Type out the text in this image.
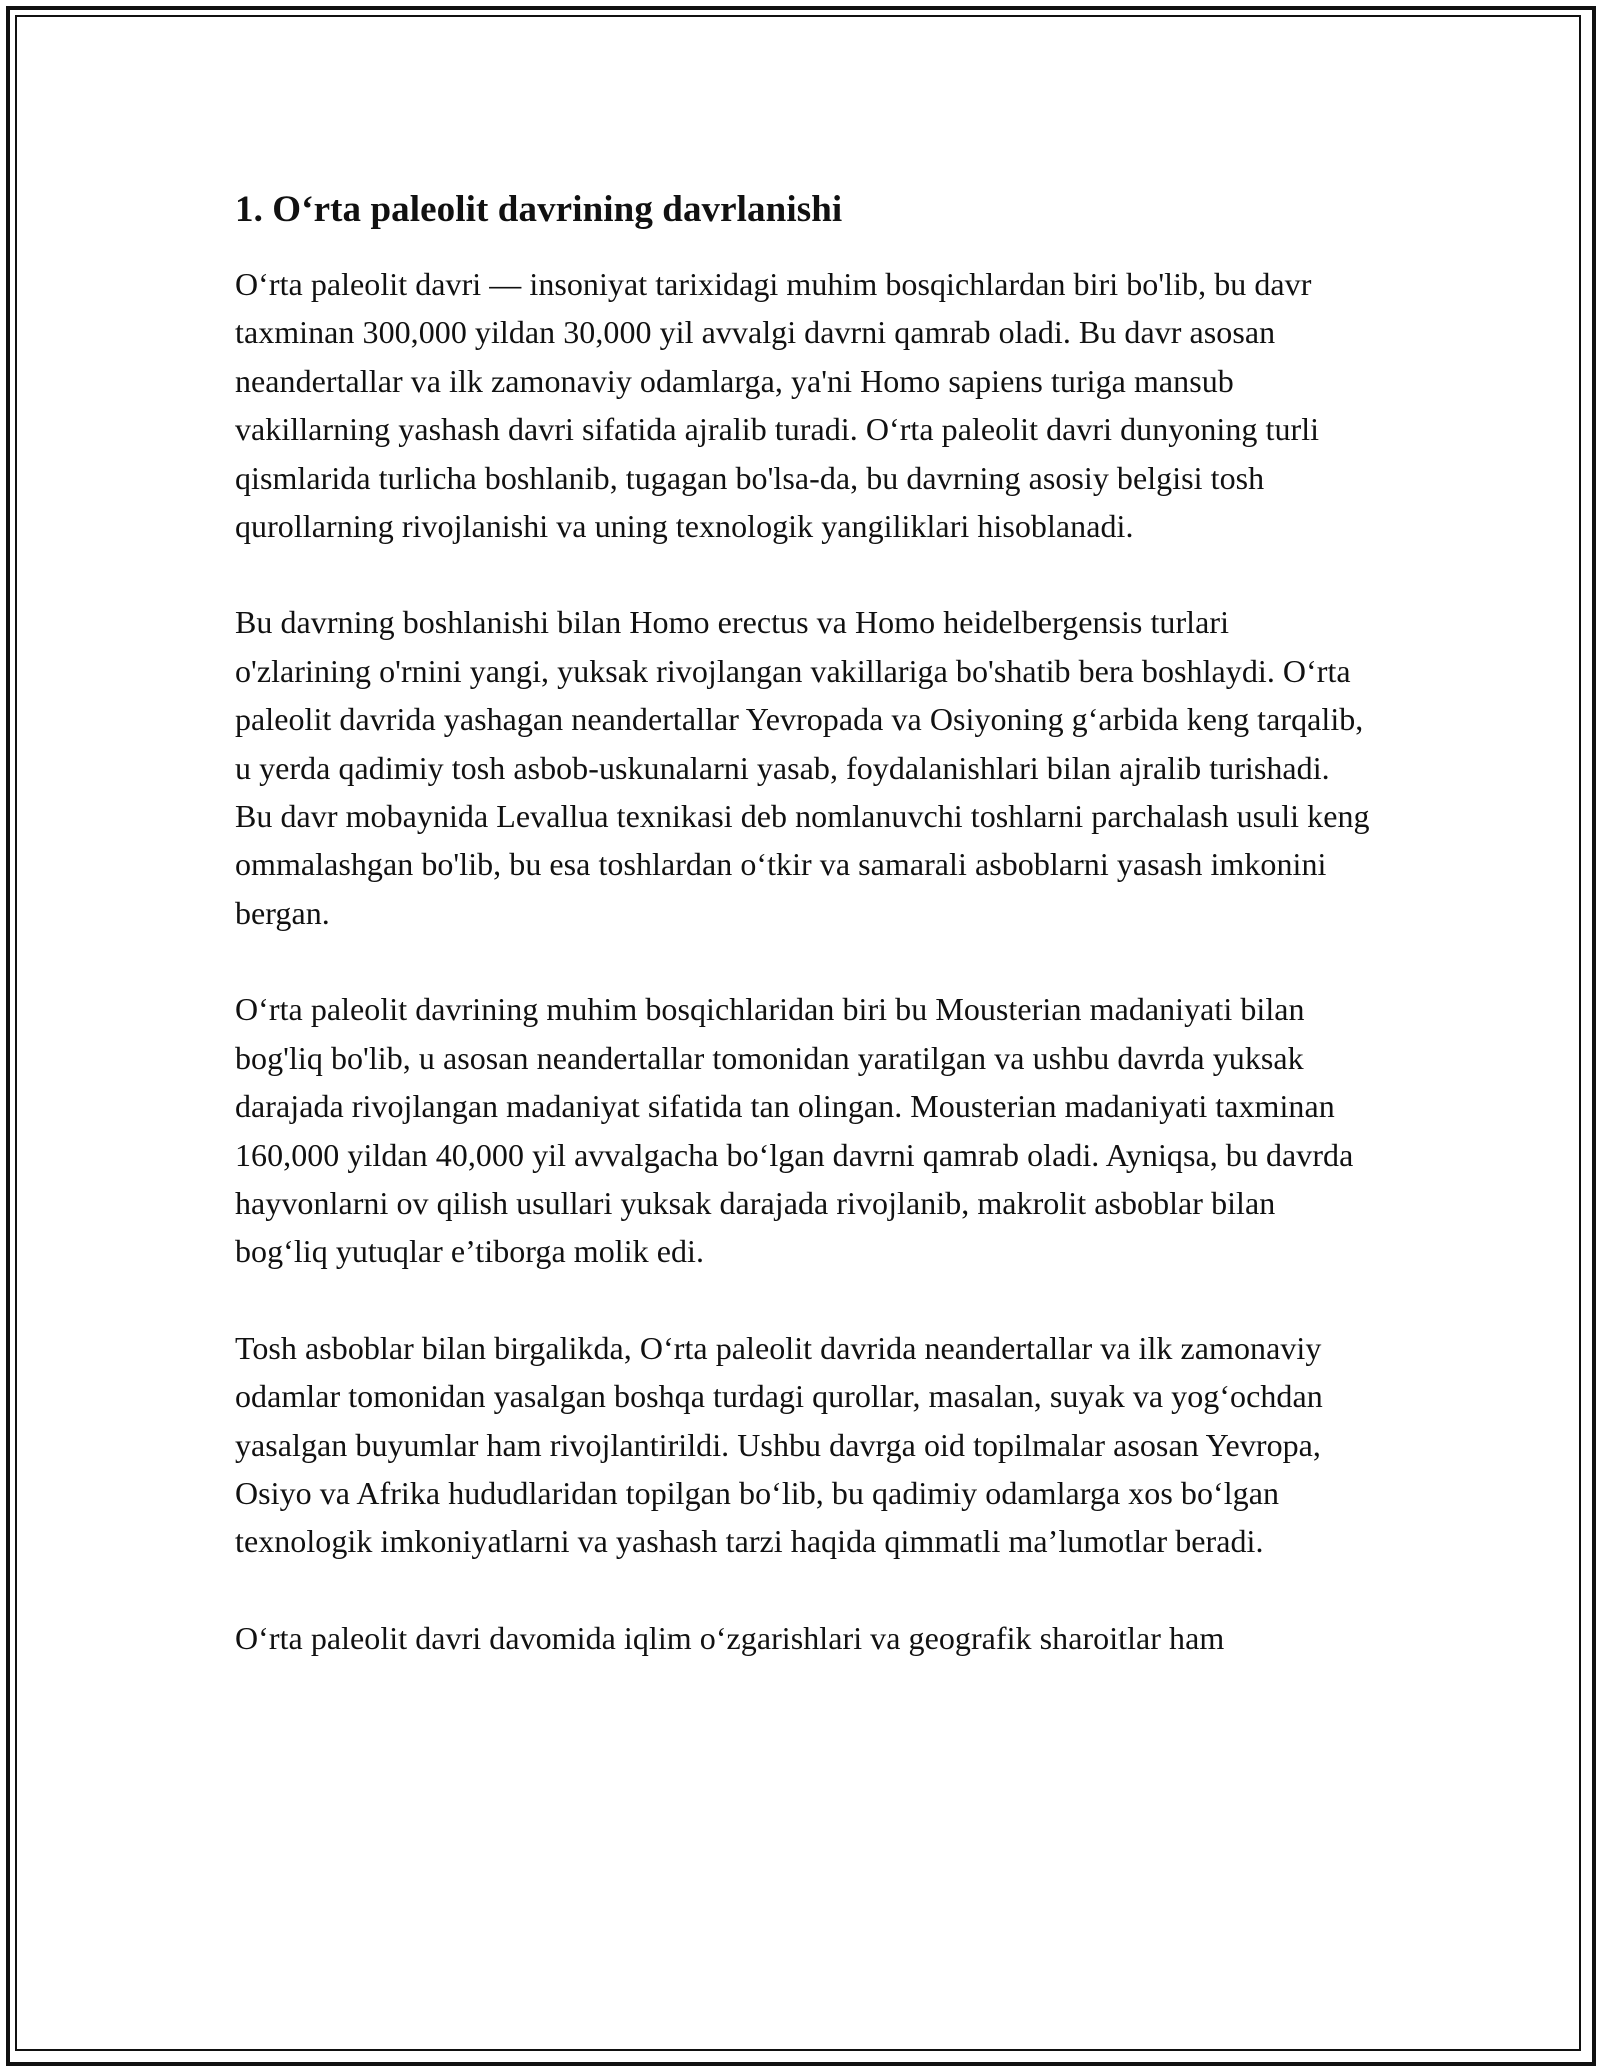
1. O‘rta paleolit davrining davrlanishi

O‘rta paleolit davri — insoniyat tarixidagi muhim bosqichlardan biri bo'lib, bu davr taxminan 300,000 yildan 30,000 yil avvalgi davrni qamrab oladi. Bu davr asosan neandertallar va ilk zamonaviy odamlarga, ya'ni Homo sapiens turiga mansub vakillarning yashash davri sifatida ajralib turadi. O‘rta paleolit davri dunyoning turli qismlarida turlicha boshlanib, tugagan bo'lsa-da, bu davrning asosiy belgisi tosh qurollarning rivojlanishi va uning texnologik yangiliklari hisoblanadi.

Bu davrning boshlanishi bilan Homo erectus va Homo heidelbergensis turlari o'zlarining o'rnini yangi, yuksak rivojlangan vakillariga bo'shatib bera boshlaydi. O‘rta paleolit davrida yashagan neandertallar Yevropada va Osiyoning g‘arbida keng tarqalib, u yerda qadimiy tosh asbob-uskunalarni yasab, foydalanishlari bilan ajralib turishadi. Bu davr mobaynida Levallua texnikasi deb nomlanuvchi toshlarni parchalash usuli keng ommalashgan bo'lib, bu esa toshlardan o‘tkir va samarali asboblarni yasash imkonini bergan.

O‘rta paleolit davrining muhim bosqichlaridan biri bu Mousterian madaniyati bilan bog'liq bo'lib, u asosan neandertallar tomonidan yaratilgan va ushbu davrda yuksak darajada rivojlangan madaniyat sifatida tan olingan. Mousterian madaniyati taxminan 160,000 yildan 40,000 yil avvalgacha bo‘lgan davrni qamrab oladi. Ayniqsa, bu davrda hayvonlarni ov qilish usullari yuksak darajada rivojlanib, makrolit asboblar bilan bog‘liq yutuqlar e’tiborga molik edi.

Tosh asboblar bilan birgalikda, O‘rta paleolit davrida neandertallar va ilk zamonaviy odamlar tomonidan yasalgan boshqa turdagi qurollar, masalan, suyak va yog‘ochdan yasalgan buyumlar ham rivojlantirildi. Ushbu davrga oid topilmalar asosan Yevropa, Osiyo va Afrika hududlaridan topilgan bo‘lib, bu qadimiy odamlarga xos bo‘lgan texnologik imkoniyatlarni va yashash tarzi haqida qimmatli ma’lumotlar beradi.

O‘rta paleolit davri davomida iqlim o‘zgarishlari va geografik sharoitlar ham
